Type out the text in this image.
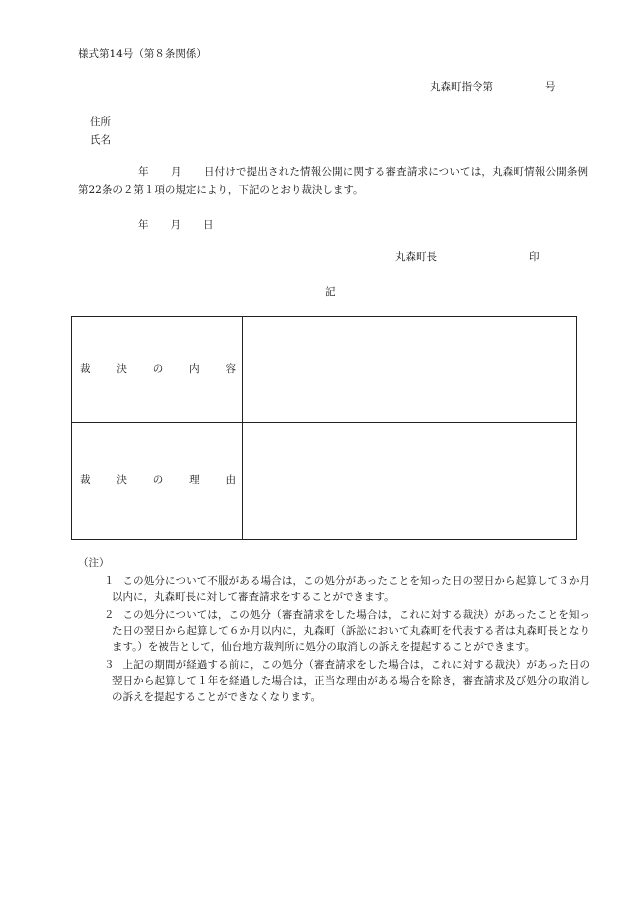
様式第14号（第８条関係）
丸森町指令第	号
住所
氏名
年 月 日付けで提出された情報公開に関する審査請求については，丸森町情報公開条例第22条の２第１項の規定により，下記のとおり裁決します。
年 月 日
丸森町長	印
記
裁 決 の 内 容	

裁 決 の 理 由	

（注）
１ この処分について不服がある場合は，この処分があったことを知った日の翌日から起算して３か月以内に，丸森町長に対して審査請求をすることができます。
２ この処分については，この処分（審査請求をした場合は，これに対する裁決）があったことを知った日の翌日から起算して６か月以内に，丸森町（訴訟において丸森町を代表する者は丸森町長となります。）を被告として，仙台地方裁判所に処分の取消しの訴えを提起することができます。
３ 上記の期間が経過する前に，この処分（審査請求をした場合は，これに対する裁決）があった日の翌日から起算して１年を経過した場合は，正当な理由がある場合を除き，審査請求及び処分の取消しの訴えを提起することができなくなります。
